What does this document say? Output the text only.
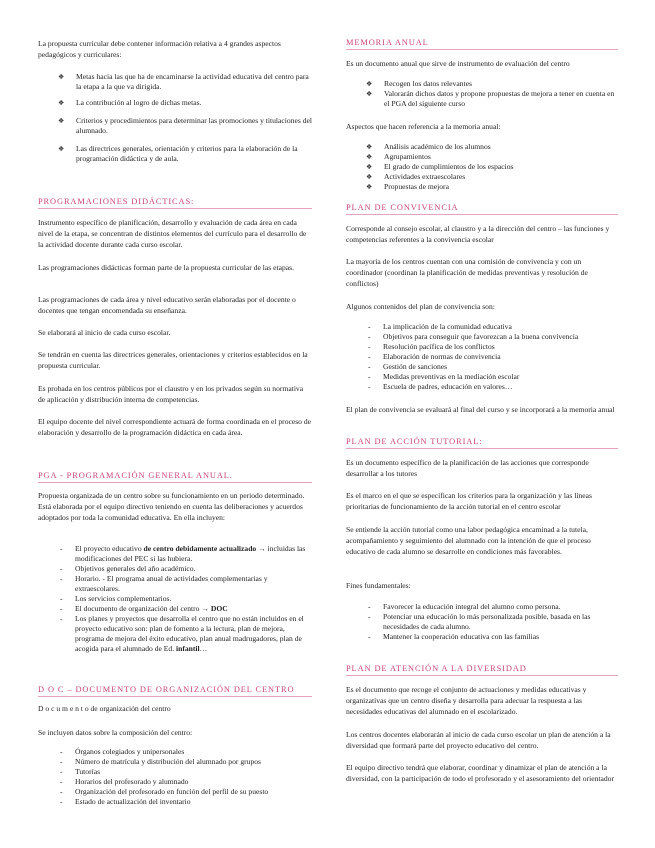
La propuesta curricular debe contener información relativa a 4 grandes aspectos pedagógicos y curriculares:

❖ Metas hacia las que ha de encaminarse la actividad educativa del centro para la etapa a la que va dirigida.
❖ La contribución al logro de dichas metas.
❖ Criterios y procedimientos para determinar las promociones y titulaciones del alumnado.
❖ Las directrices generales, orientación y criterios para la elaboración de la programación didáctica y de aula.

PROGRAMACIONES DIDÁCTICAS:

Instrumento específico de planificación, desarrollo y evaluación de cada área en cada nivel de la etapa, se concentran de distintos elementos del currículo para el desarrollo de la actividad docente durante cada curso escolar.

Las programaciones didácticas forman parte de la propuesta curricular de las etapas.

Las programaciones de cada área y nivel educativo serán elaboradas por el docente o docentes que tengan encomendada su enseñanza.

Se elaborará al inicio de cada curso escolar.

Se tendrán en cuenta las directrices generales, orientaciones y criterios establecidos en la propuesta curricular.

Es probada en los centros públicos por el claustro y en los privados según su normativa de aplicación y distribución interna de competencias.

El equipo docente del nivel correspondiente actuará de forma coordinada en el proceso de elaboración y desarrollo de la programación didáctica en cada área.

PGA - PROGRAMACIÓN GENERAL ANUAL.

Propuesta organizada de un centro sobre su funcionamiento en un periodo determinado. Está elaborada por el equipo directivo teniendo en cuenta las deliberaciones y acuerdos adoptados por toda la comunidad educativa. En ella incluyen:

- El proyecto educativo de centro debidamente actualizado → incluidas las modificaciones del PEC si las hubiera.
- Objetivos generales del año académico.
- Horario. - El programa anual de actividades complementarias y extraescolares.
- Los servicios complementarios.
- El documento de organización del centro → DOC
- Los planes y proyectos que desarrolla el centro que no están incluidos en el proyecto educativo son: plan de fomento a la lectura, plan de mejora, programa de mejora del éxito educativo, plan anual madrugadores, plan de acogida para el alumnado de Ed. infantil…

D O C – DOCUMENTO DE ORGANIZACIÓN DEL CENTRO

D o c u m e n t o de organización del centro

Se incluyen datos sobre la composición del centro:

- Órganos colegiados y unipersonales
- Número de matrícula y distribución del alumnado por grupos
- Tutorías
- Horarios del profesorado y alumnado
- Organización del profesorado en función del perfil de su puesto
- Estado de actualización del inventario

MEMORIA ANUAL

Es un documento anual que sirve de instrumento de evaluación del centro

❖ Recogen los datos relevantes
❖ Valorarán dichos datos y propone propuestas de mejora a tener en cuenta en el PGA del siguiente curso

Aspectos que hacen referencia a la memoria anual:

❖ Análisis académico de los alumnos
❖ Agrupamientos
❖ El grado de cumplimientos de los espacios
❖ Actividades extraescolares
❖ Propuestas de mejora

PLAN DE CONVIVENCIA

Corresponde al consejo escolar, al claustro y a la dirección del centro – las funciones y competencias referentes a la convivencia escolar

La mayoría de los centros cuentan con una comisión de convivencia y con un coordinador (coordinan la planificación de medidas preventivas y resolución de conflictos)

Algunos contenidos del plan de convivencia son:

- La implicación de la comunidad educativa
- Objetivos para conseguir que favorezcan a la buena convivencia
- Resolución pacífica de los conflictos
- Elaboración de normas de convivencia
- Gestión de sanciones
- Medidas preventivas en la mediación escolar
- Escuela de padres, educación en valores…

El plan de convivencia se evaluará al final del curso y se incorporará a la memoria anual

PLAN DE ACCIÓN TUTORIAL:

Es un documento específico de la planificación de las acciones que corresponde desarrollar a los tutores

Es el marco en el que se especifican los criterios para la organización y las líneas prioritarias de funcionamiento de la acción tutorial en el centro escolar

Se entiende la acción tutorial como una labor pedagógica encaminad a la tutela, acompañamiento y seguimiento del alumnado con la intención de que el proceso educativo de cada alumno se desarrolle en condiciones más favorables.

Fines fundamentales:

- Favorecer la educación integral del alumno como persona.
- Potenciar una educación lo más personalizada posible, basada en las necesidades de cada alumno.
- Mantener la cooperación educativa con las familias

PLAN DE ATENCIÓN A LA DIVERSIDAD

Es el documento que recoge el conjunto de actuaciones y medidas educativas y organizativas que un centro diseña y desarrolla para adecuar la respuesta a las necesidades educativas del alumnado en el escolarizado.

Los centros docentes elaborarán al inicio de cada curso escolar un plan de atención a la diversidad que formará parte del proyecto educativo del centro.

El equipo directivo tendrá que elaborar, coordinar y dinamizar el plan de atención a la diversidad, con la participación de todo el profesorado y el asesoramiento del orientador
